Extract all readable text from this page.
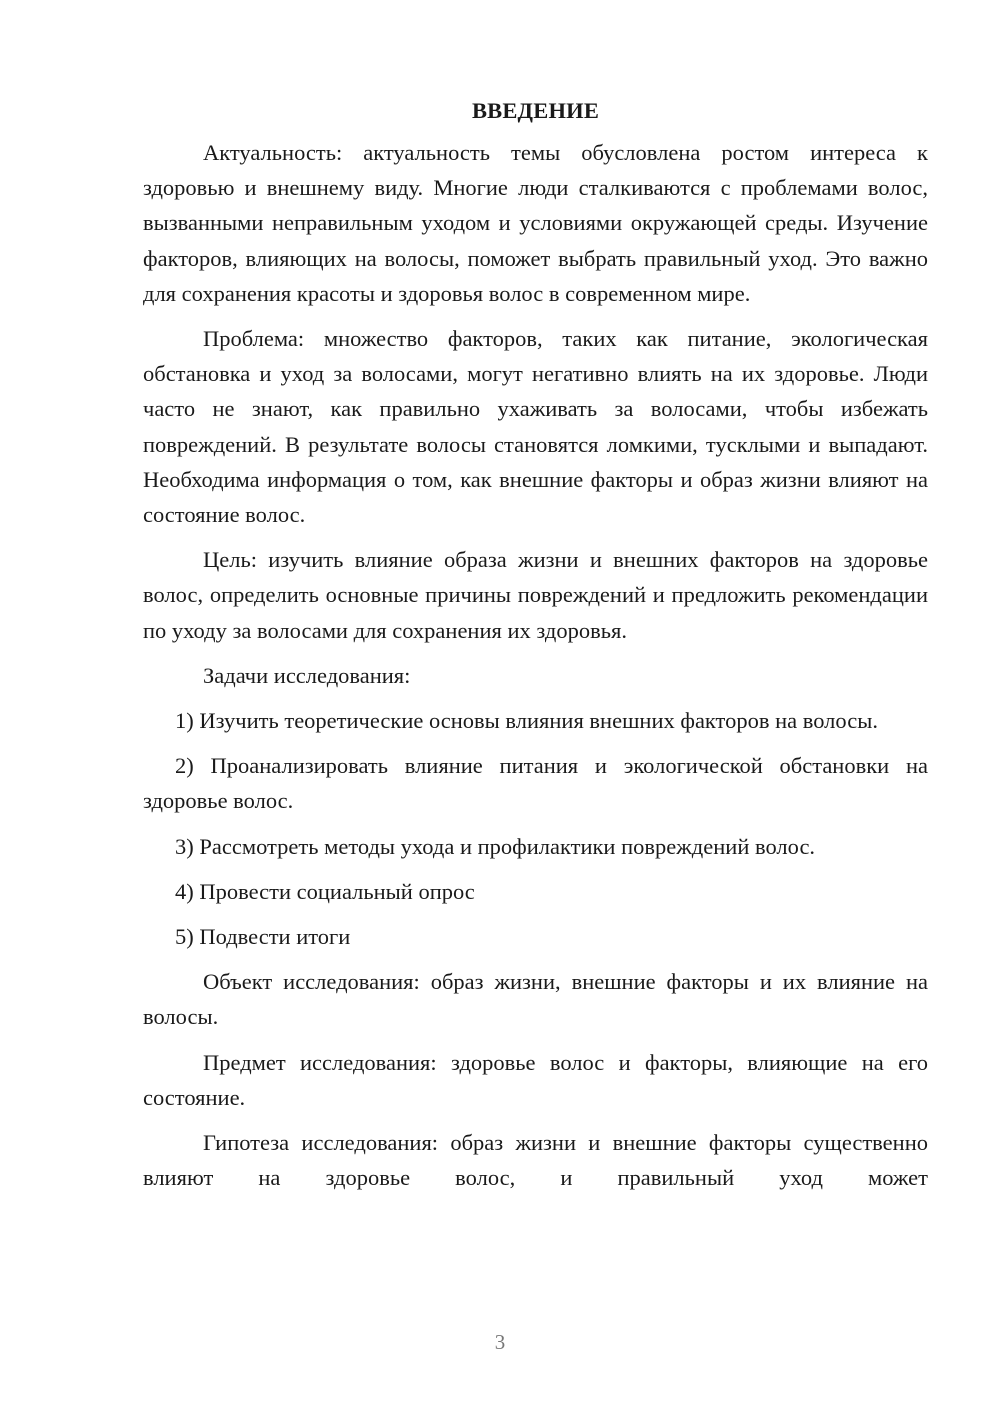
ВВЕДЕНИЕ

Актуальность: актуальность темы обусловлена ростом интереса к здоровью и внешнему виду. Многие люди сталкиваются с проблемами волос, вызванными неправильным уходом и условиями окружающей среды. Изучение факторов, влияющих на волосы, поможет выбрать правильный уход. Это важно для сохранения красоты и здоровья волос в современном мире.

Проблема: множество факторов, таких как питание, экологическая обстановка и уход за волосами, могут негативно влиять на их здоровье. Люди часто не знают, как правильно ухаживать за волосами, чтобы избежать повреждений. В результате волосы становятся ломкими, тусклыми и выпадают. Необходима информация о том, как внешние факторы и образ жизни влияют на состояние волос.

Цель: изучить влияние образа жизни и внешних факторов на здоровье волос, определить основные причины повреждений и предложить рекомендации по уходу за волосами для сохранения их здоровья.

Задачи исследования:

1) Изучить теоретические основы влияния внешних факторов на волосы.

2) Проанализировать влияние питания и экологической обстановки на здоровье волос.

3) Рассмотреть методы ухода и профилактики повреждений волос.

4) Провести социальный опрос

5) Подвести итоги

Объект исследования: образ жизни, внешние факторы и их влияние на волосы.

Предмет исследования: здоровье волос и факторы, влияющие на его состояние.

Гипотеза исследования: образ жизни и внешние факторы существенно влияют на здоровье волос, и правильный уход может

3
